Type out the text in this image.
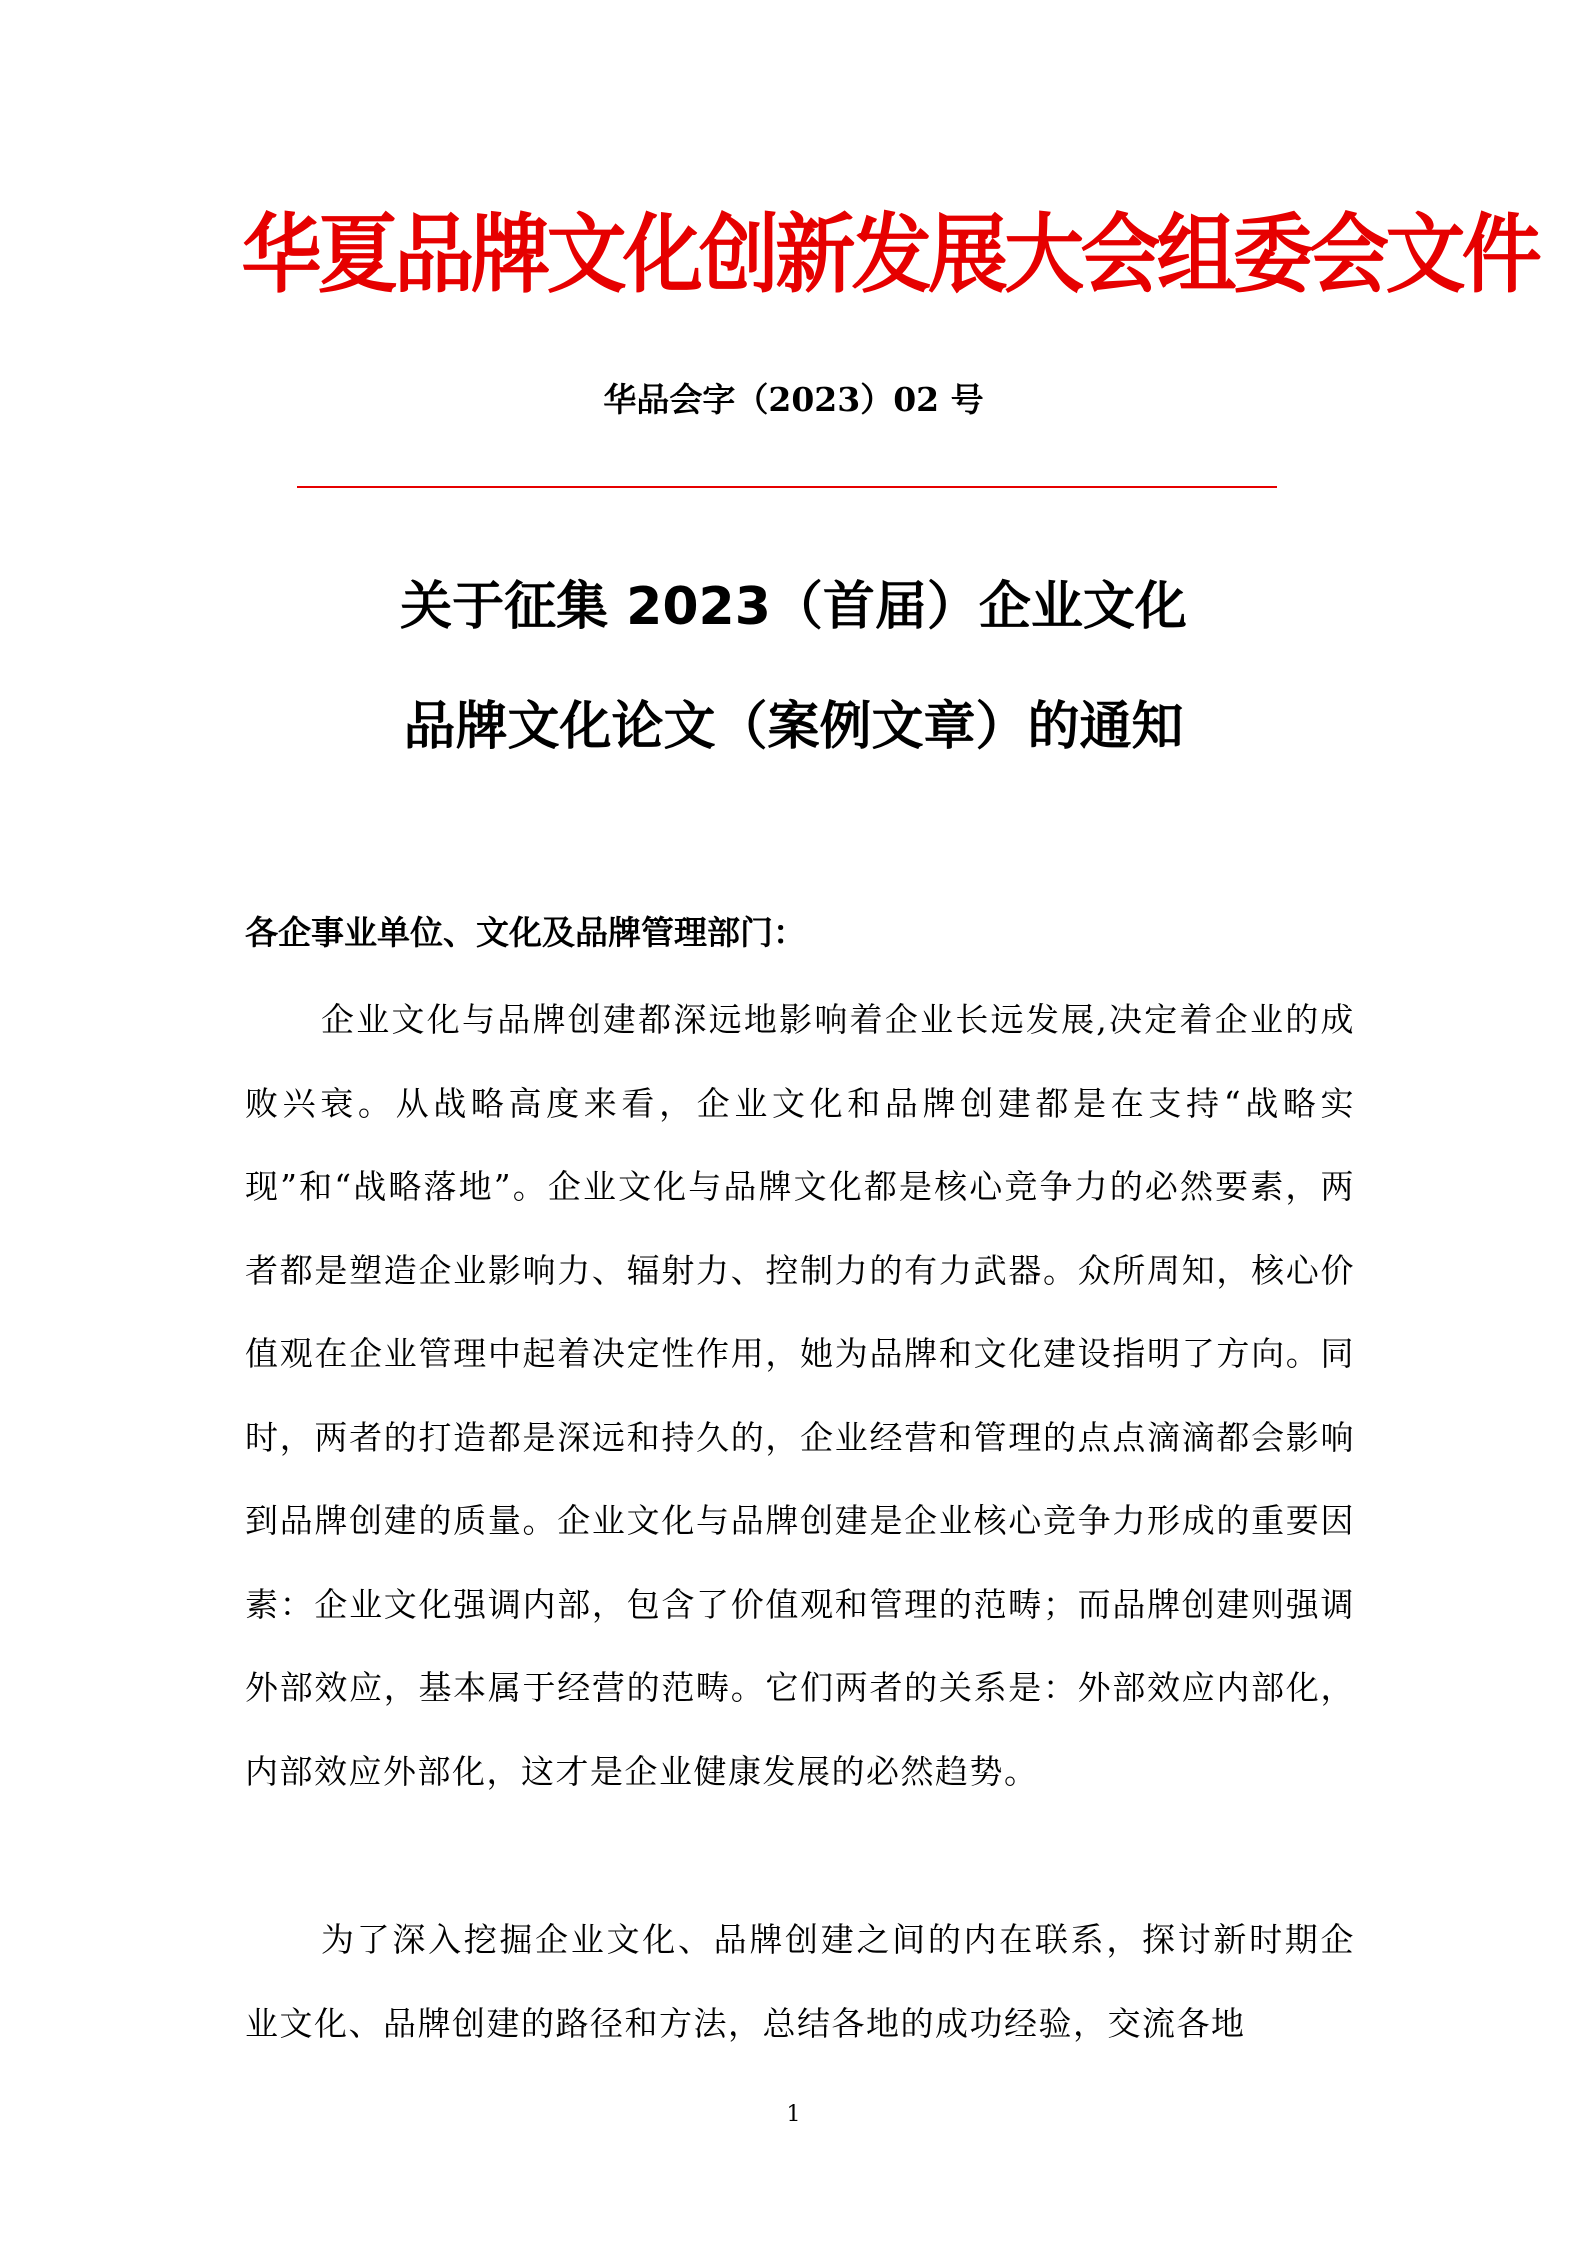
华夏品牌文化创新发展大会组委会文件
华品会字（2023）02 号
关于征集 2023（首届）企业文化
品牌文化论文（案例文章）的通知
各企事业单位、文化及品牌管理部门：

企业文化与品牌创建都深远地影响着企业长远发展,决定着企业的成败兴衰。从战略高度来看，企业文化和品牌创建都是在支持“战略实现”和“战略落地”。企业文化与品牌文化都是核心竞争力的必然要素，两者都是塑造企业影响力、辐射力、控制力的有力武器。众所周知，核心价值观在企业管理中起着决定性作用，她为品牌和文化建设指明了方向。同时，两者的打造都是深远和持久的，企业经营和管理的点点滴滴都会影响到品牌创建的质量。企业文化与品牌创建是企业核心竞争力形成的重要因素：企业文化强调内部，包含了价值观和管理的范畴；而品牌创建则强调外部效应，基本属于经营的范畴。它们两者的关系是：外部效应内部化，内部效应外部化，这才是企业健康发展的必然趋势。

为了深入挖掘企业文化、品牌创建之间的内在联系，探讨新时期企业文化、品牌创建的路径和方法，总结各地的成功经验，交流各地

1
